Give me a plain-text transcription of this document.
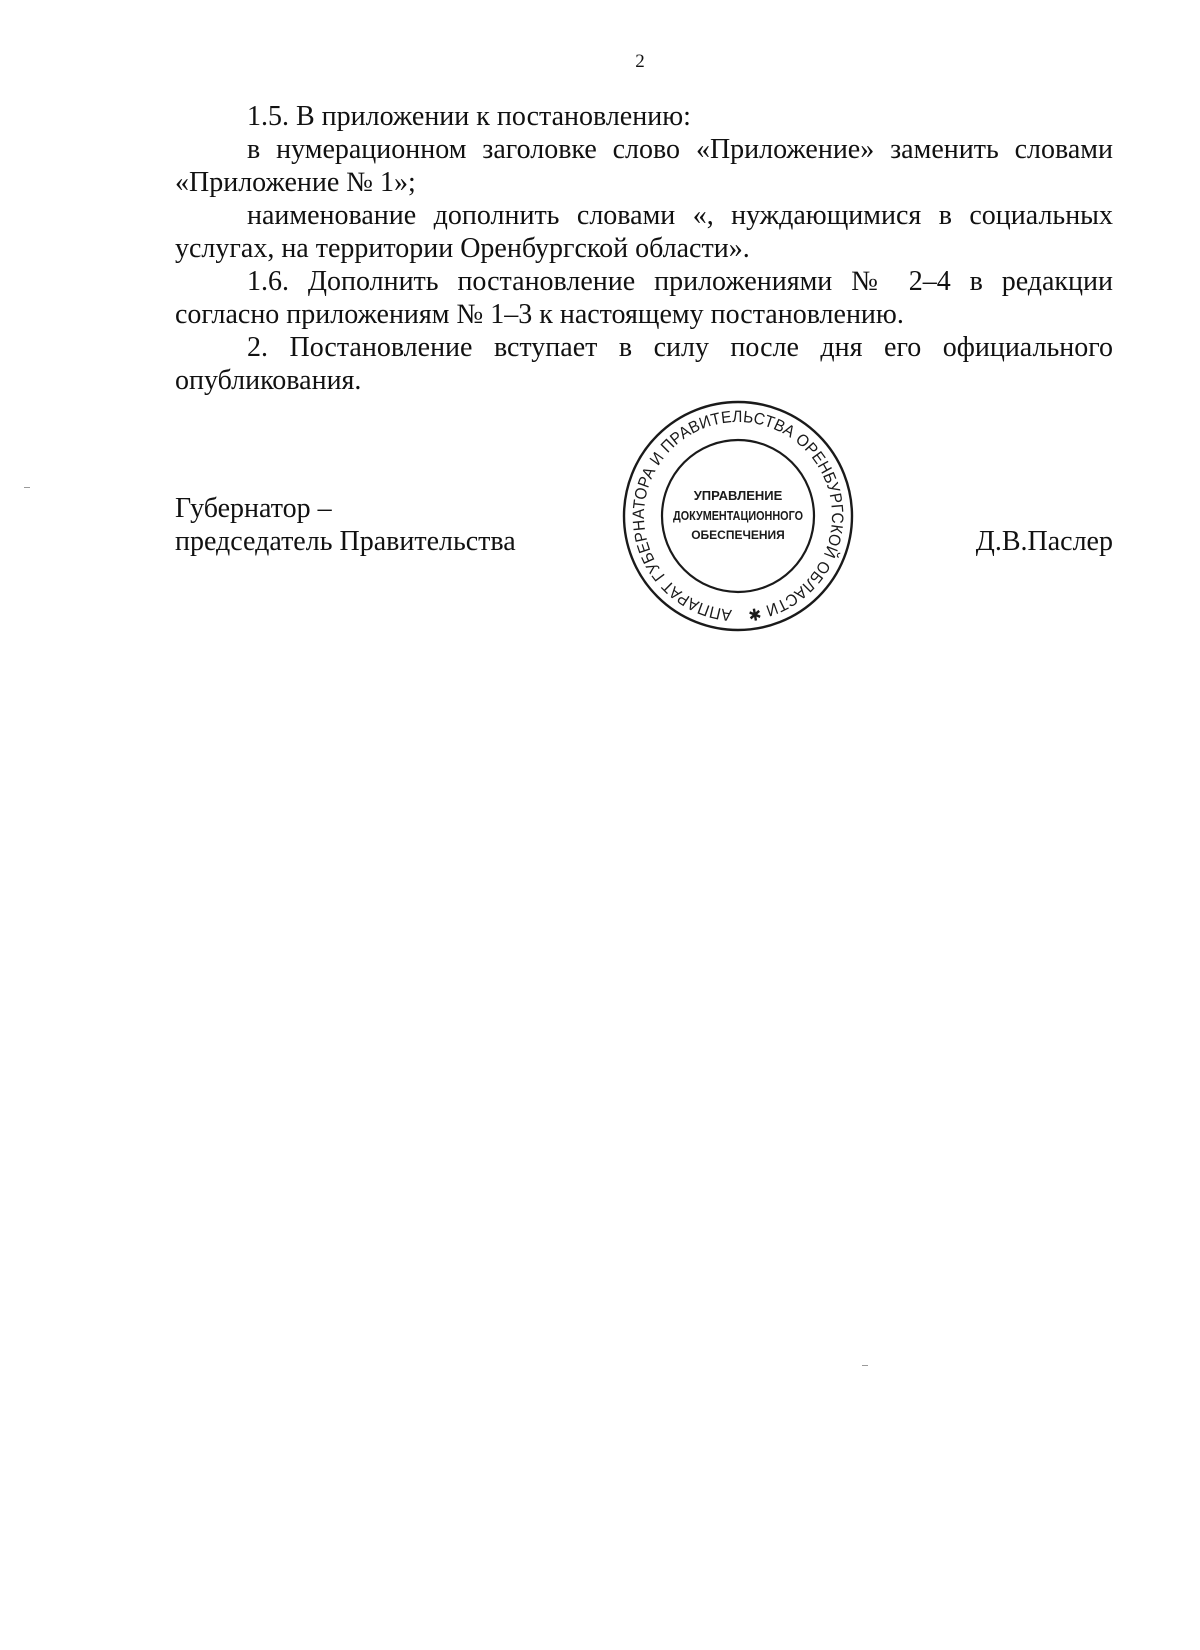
2

1.5. В приложении к постановлению:

в нумерационном заголовке слово «Приложение» заменить словами «Приложение № 1»;

наименование дополнить словами «, нуждающимися в социальных услугах, на территории Оренбургской области».

1.6. Дополнить постановление приложениями № 2–4 в редакции согласно приложениям № 1–3 к настоящему постановлению.

2. Постановление вступает в силу после дня его официального опубликования.

Губернатор –
председатель Правительства	Д.В.Паслер
АППАРАТ ГУБЕРНАТОРА И ПРАВИТЕЛЬСТВА ОРЕНБУРГСКОЙ ОБЛАСТИ ✱
УПРАВЛЕНИЕ
ДОКУМЕНТАЦИОННОГО
ОБЕСПЕЧЕНИЯ
